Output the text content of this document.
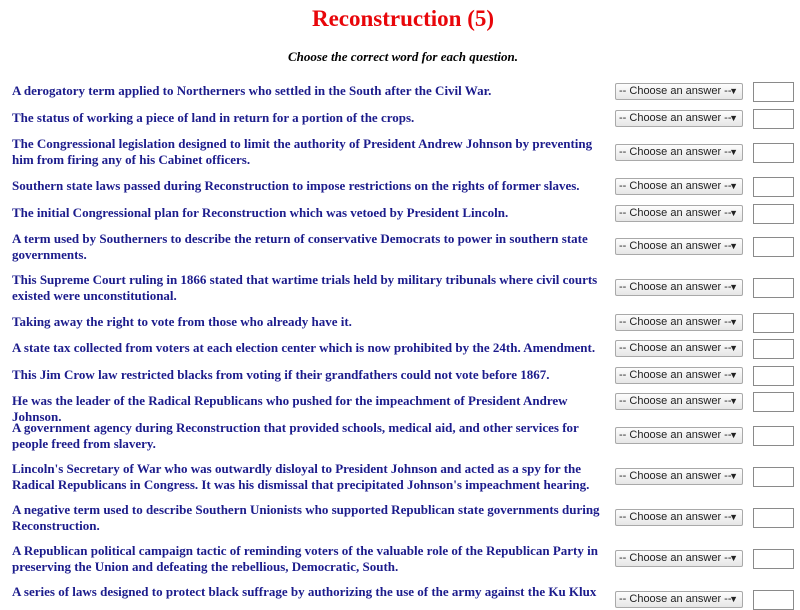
Reconstruction (5)
Choose the correct word for each question.
A derogatory term applied to Northerners who settled in the South after the Civil War.	-- Choose an answer --
▼
The status of working a piece of land in return for a portion of the crops.	-- Choose an answer --
▼
The Congressional legislation designed to limit the authority of President Andrew Johnson by preventing him from firing any of his Cabinet officers.	-- Choose an answer --
▼
Southern state laws passed during Reconstruction to impose restrictions on the rights of former slaves.	-- Choose an answer --
▼
The initial Congressional plan for Reconstruction which was vetoed by President Lincoln.	-- Choose an answer --
▼
A term used by Southerners to describe the return of conservative Democrats to power in southern state governments.
-- Choose an answer --
▼
This Supreme Court ruling in 1866 stated that wartime trials held by military tribunals where civil courts existed were unconstitutional.
-- Choose an answer --
▼
Taking away the right to vote from those who already have it.	-- Choose an answer --
▼
A state tax collected from voters at each election center which is now prohibited by the 24th. Amendment.	-- Choose an answer --
▼
This Jim Crow law restricted blacks from voting if their grandfathers could not vote before 1867.	-- Choose an answer --
▼
He was the leader of the Radical Republicans who pushed for the impeachment of President Andrew Johnson.
-- Choose an answer --
▼
A government agency during Reconstruction that provided schools, medical aid, and other services for people freed from slavery.
-- Choose an answer --
▼
Lincoln's Secretary of War who was outwardly disloyal to President Johnson and acted as a spy for the Radical Republicans in Congress. It was his dismissal that precipitated Johnson's impeachment hearing.
-- Choose an answer --
▼
A negative term used to describe Southern Unionists who supported Republican state governments during Reconstruction.
-- Choose an answer --
▼
A Republican political campaign tactic of reminding voters of the valuable role of the Republican Party in preserving the Union and defeating the rebellious, Democratic, South.
-- Choose an answer --
▼
A series of laws designed to protect black suffrage by authorizing the use of the army against the Ku Klux	-- Choose an answer --
▼
